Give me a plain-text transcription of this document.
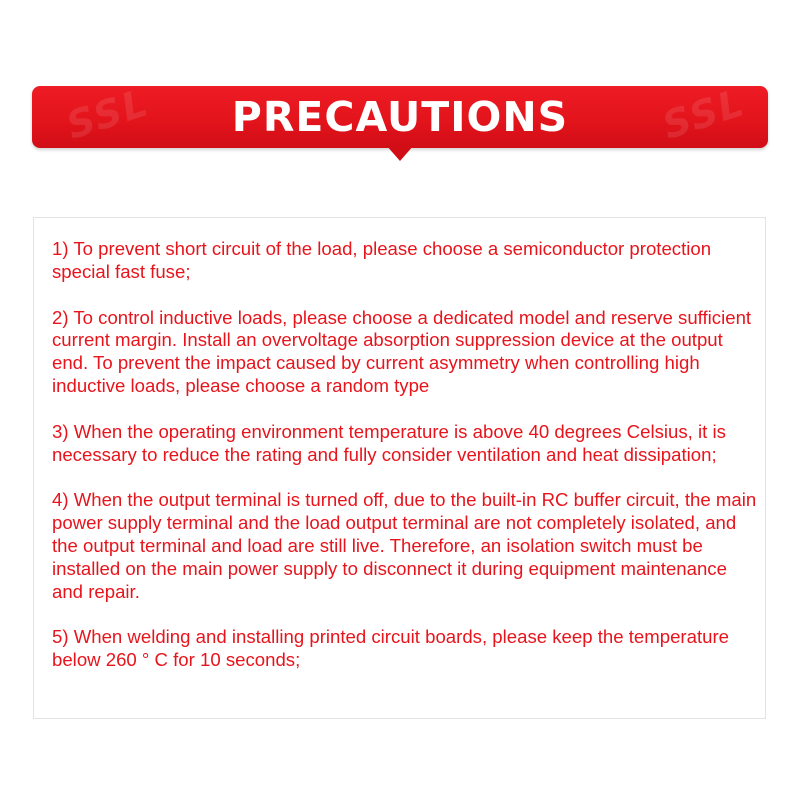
SSL	SSL
PRECAUTIONS
1) To prevent short circuit of the load, please choose a semiconductor protection special fast fuse;
2) To control inductive loads, please choose a dedicated model and reserve sufficient current margin. Install an overvoltage absorption suppression device at the output end. To prevent the impact caused by current asymmetry when controlling high inductive loads, please choose a random type
3) When the operating environment temperature is above 40 degrees Celsius, it is necessary to reduce the rating and fully consider ventilation and heat dissipation;
4) When the output terminal is turned off, due to the built-in RC buffer circuit, the main power supply terminal and the load output terminal are not completely isolated, and the output terminal and load are still live. Therefore, an isolation switch must be installed on the main power supply to disconnect it during equipment maintenance and repair.
5) When welding and installing printed circuit boards, please keep the temperature below 260 ° C for 10 seconds;
